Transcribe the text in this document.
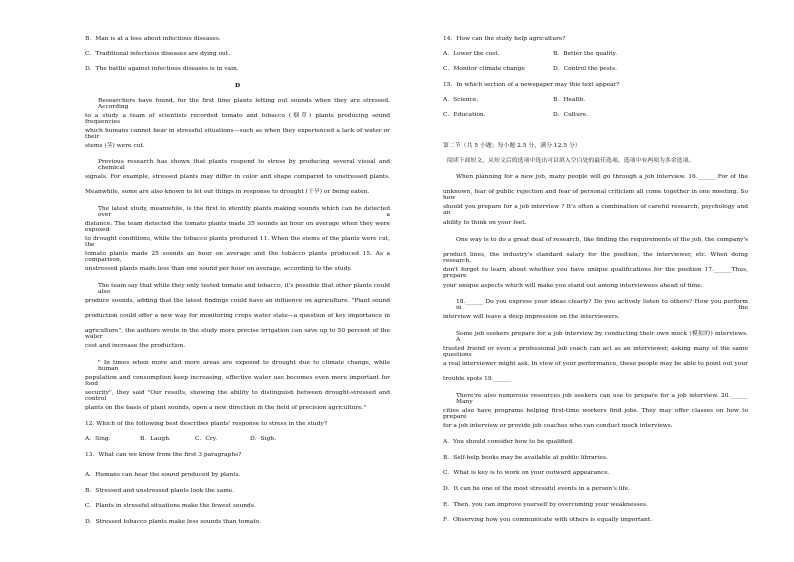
B．Man is at a loss about infectious diseases.
C．Traditional infectious diseases are dying out.
D．The battle against infectious diseases is in vain.
D
Researchers have found, for the first time plants letting out sounds when they are stressed. According
to a study a team of scientists recorded tomato and tobacco (烟草) plants producing sound frequencies
which humans cannot hear in stressful situations—such as when they experienced a lack of water or their
stems (茎) were cut.
Previous research has shown that plants respond to stress by producing several visual and chemical
signals. For example, stressed plants may differ in color and shape compared to unstressed plants.
Meanwhile, some are also known to let out things in response to drought (干旱) or being eaten.
The latest study, meanwhile, is the first to identify plants making sounds which can be detected over a
distance. The team detected the tomato plants made 35 sounds an hour on average when they were exposed
to drought conditions, while the tobacco plants produced 11. When the stems of the plants were cut, the
tomato plants made 25 sounds an hour on average and the tobacco plants produced 15. As a comparison,
unstressed plants made less than one sound per hour on average, according to the study.
The team say that while they only tested tomato and tobacco, it's possible that other plants could also
produce sounds, adding that the latest findings could have an influence on agriculture. "Plant sound
production could offer a new way for monitoring crops water state—a question of key importance in
agriculture", the authors wrote in the study more precise irrigation can save up to 50 percent of the water
cost and increase the production.
" In times when more and more areas are exposed to drought due to climate change, while human
population and consumption keep increasing, effective water use becomes even more important for food
security", they said "Our results, showing the ability to distinguish between drought-stressed and control
plants on the basis of plant sounds, open a new direction in the field of precision agriculture."
12. Which of the following best describes plants' response to stress in the study?
A．Sing.	B．Laugh.	C．Cry.	D．Sigh.
13．What can we know from the first 3 paragraphs?
A．Humans can hear the sound produced by plants.
B．Stressed and unstressed plants look the same.
C．Plants in stressful situations make the fewest sounds.
D．Stressed tobacco plants make less sounds than tomato.
14．How can the study help agriculture?
A．Lower the cost.	B．Better the quality.
C．Monitor climate change	D．Control the pests.
15．In which section of a newspaper may this text appear?
A．Science.	B．Health.
C．Education.	D．Culture.
第二节（共 5 小题；每小题 2.5 分，满分 12.5 分）
阅读下面短文，从短文后的选项中选出可以填入空白处的最佳选项。选项中有两项为多余选项。
When planning for a new job, many people will go through a job interview. 16.______ For of the
unknown, fear of public rejection and fear of personal criticism all come together in one meeting. So how
should you prepare for a job interview ? It's often a combination of careful research, psychology and an
ability to think on your feet.
One way is to do a great deal of research, like finding the requirements of the job, the company's
product lines, the industry's standard salary for the position, the interviewer, etc. When doing research,
don't forget to learn about whether you have unique qualifications for the position 17.______Thus, prepare
your unique aspects which will make you stand out among interviewees ahead of time.
18.______ Do you express your ideas clearly? Do you actively listen to others? How you perform in the
interview will leave a deep impression on the interviewers.
Some job seekers prepare for a job interview by conducting their own mock (模拟的) interviews. A
trusted friend or even a professional job coach can act as an interviewer, asking many of the same questions
a real interviewer might ask. In view of your performance, these people may be able to point out your
trouble spots 19.______
There're also numerous resources job seekers can use to prepare for a job interview. 20.______ Many
cities also have programs helping first-time workers find jobs. They may offer classes on how to prepare
for a job interview or provide job coaches who can conduct mock interviews.
A．You should consider how to be qualified.
B．Self-help books may be available at public libraries.
C．What is key is to work on your outward appearance.
D．It can be one of the most stressful events in a person's life.
E．Then, you can improve yourself by overcoming your weaknesses.
F．Observing how you communicate with others is equally important.
